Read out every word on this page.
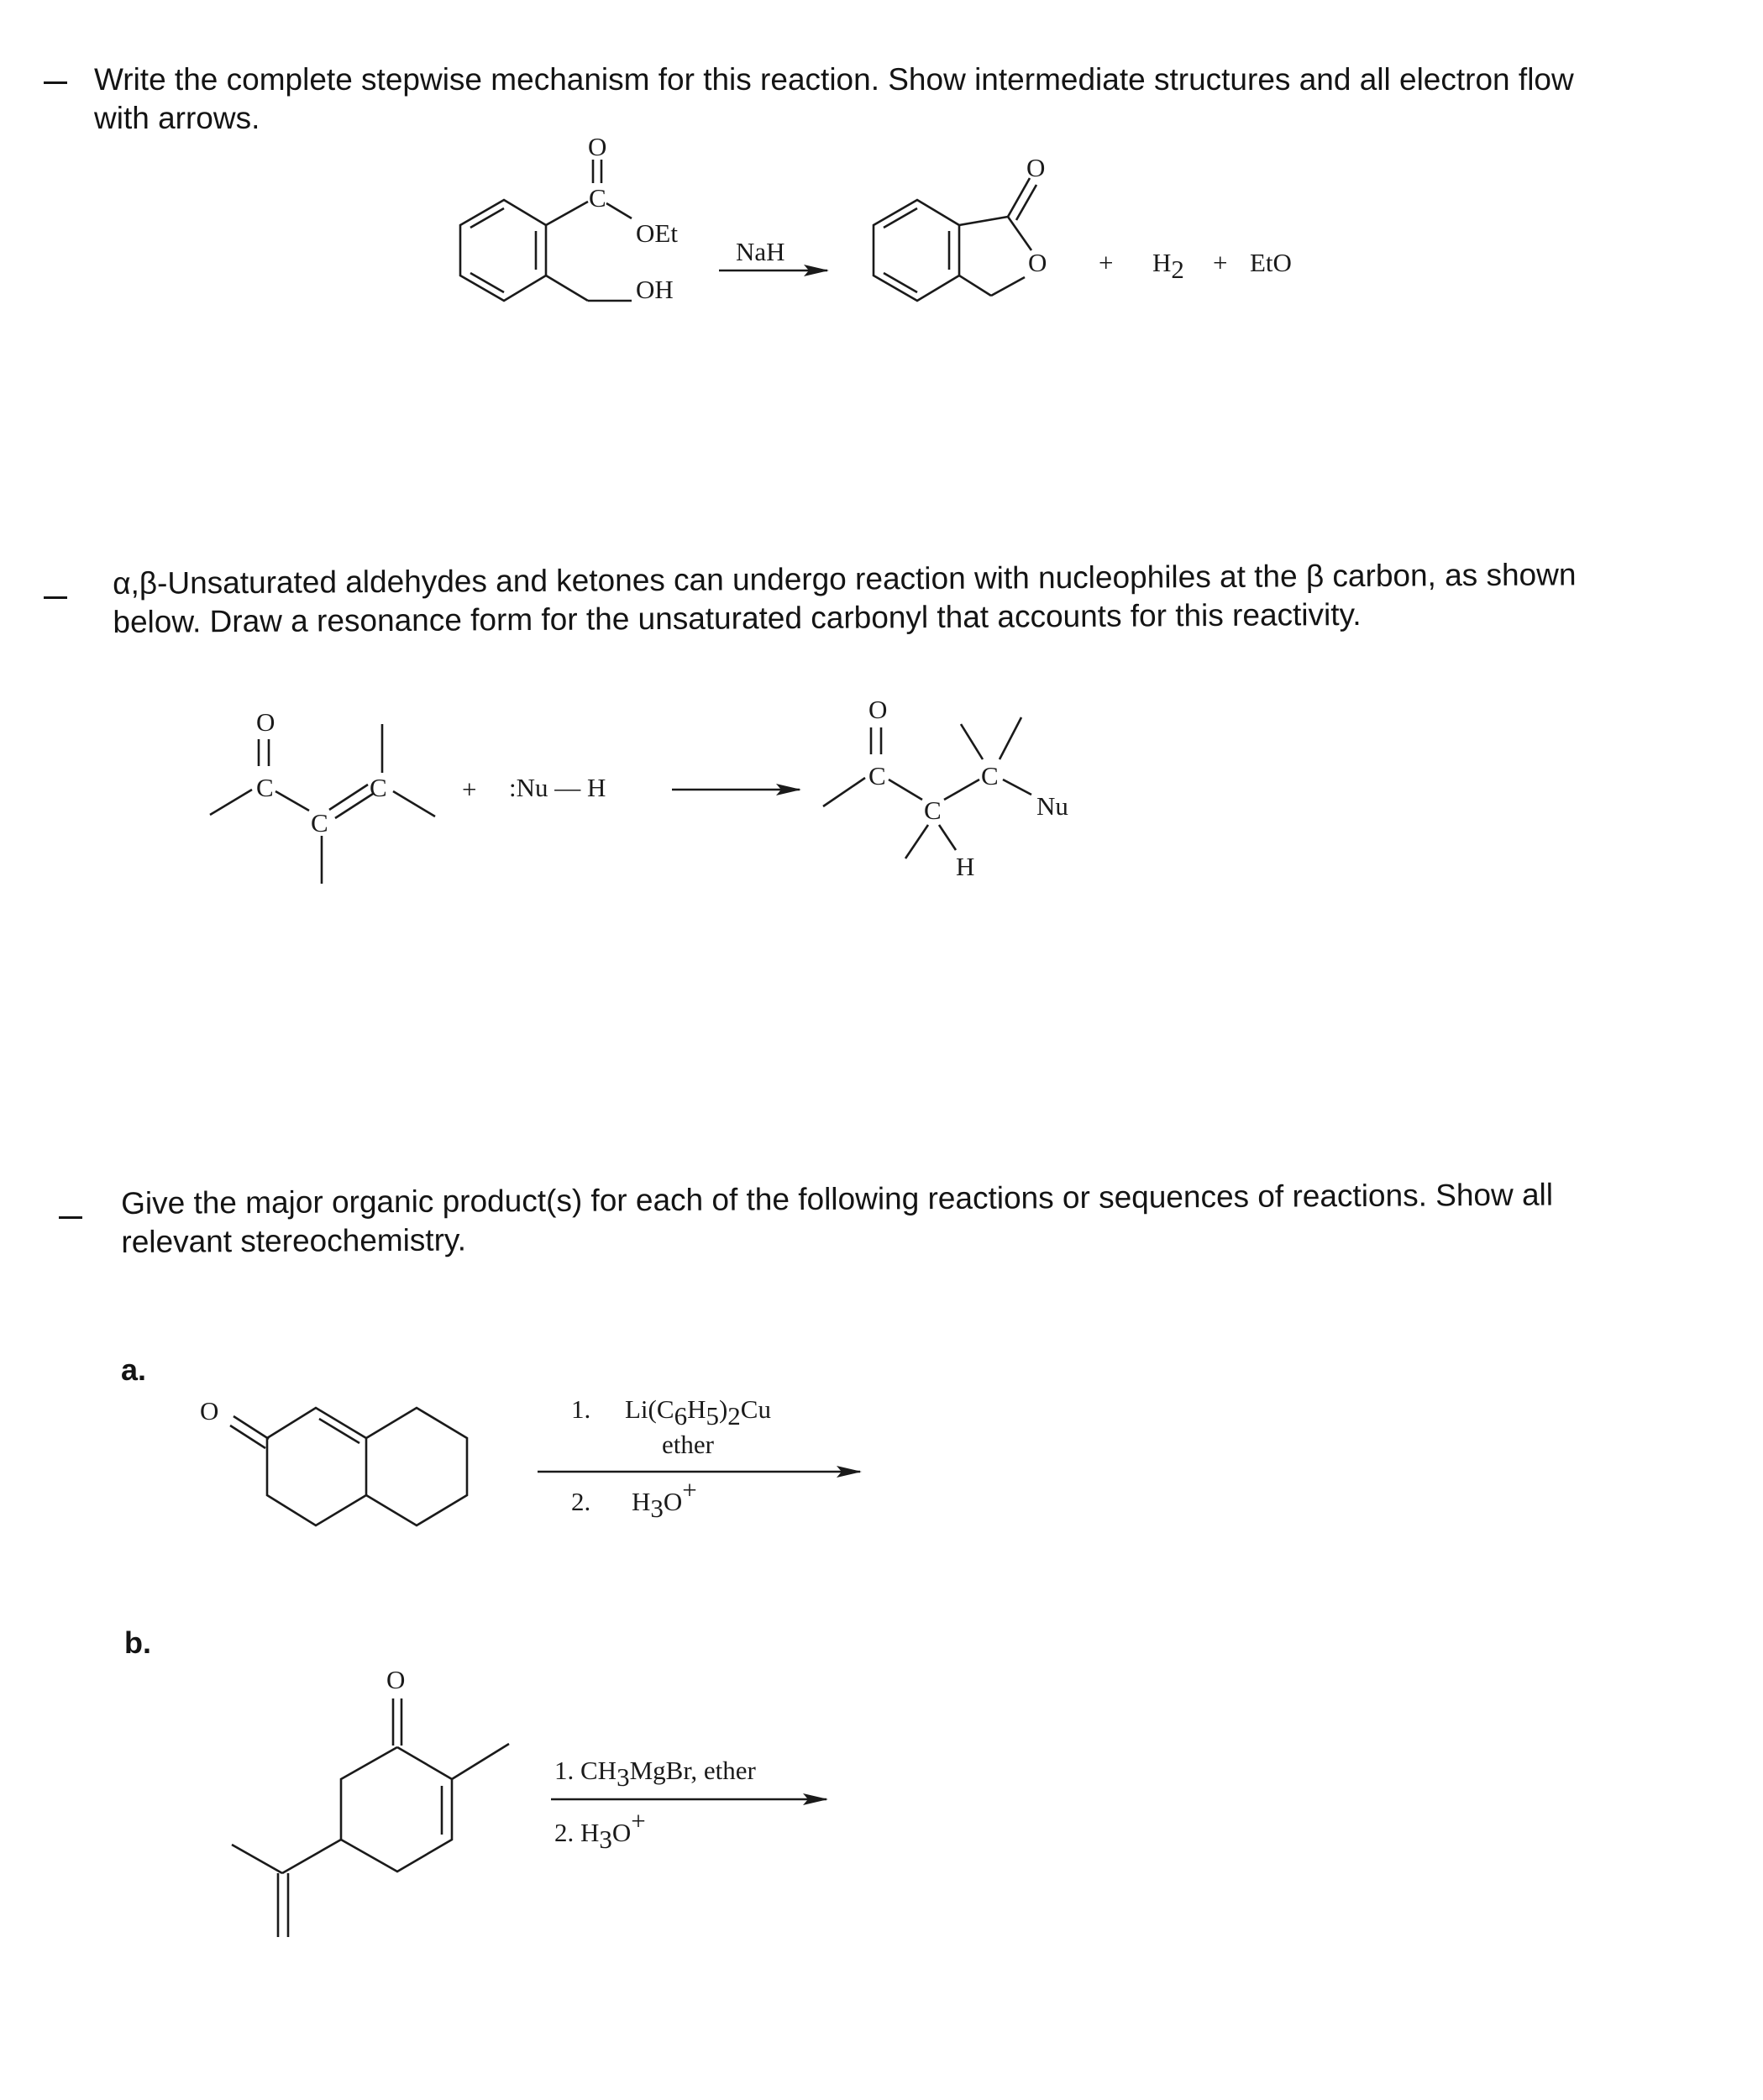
Write the complete stepwise mechanism for this reaction. Show intermediate structures and all electron flow
with arrows.
α,β-Unsaturated aldehydes and ketones can undergo reaction with nucleophiles at the β carbon, as shown
below. Draw a resonance form for the unsaturated carbonyl that accounts for this reactivity.
Give the major organic product(s) for each of the following reactions or sequences of reactions. Show all
relevant stereochemistry.
a.
b.
O
C
OEt
OH
NaH
O
O + H2 + EtO
O
C
C
C	+ :Nu — H
O
C
C
H
C
Nu
O	1. Li(C6H5)2Cu
ether
2. H3O+
O
1. CH3MgBr, ether
2. H3O+
